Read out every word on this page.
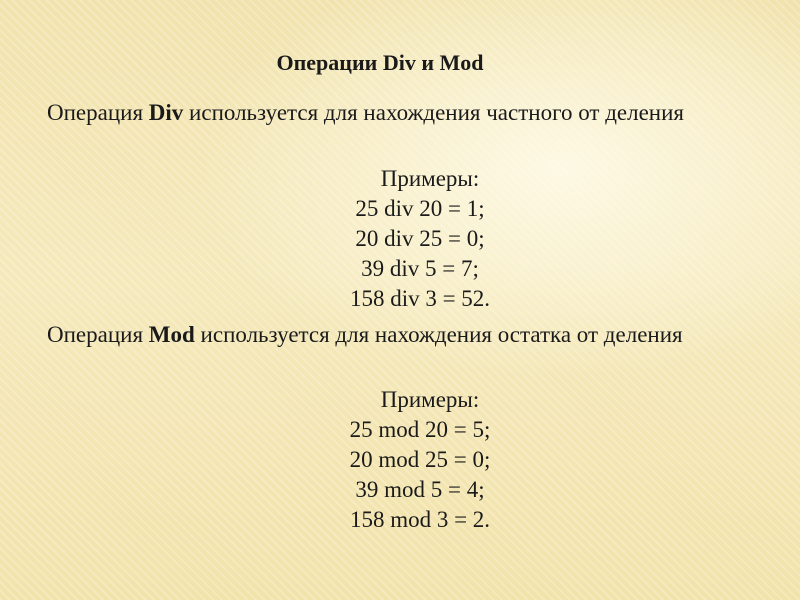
Операции Div и Mod
Операция Div используется для нахождения частного от деления
Примеры:
25 div 20 = 1;
20 div 25 = 0;
39 div 5 = 7;
158 div 3 = 52.
Операция Mod используется для нахождения остатка от деления
Примеры:
25 mod 20 = 5;
20 mod 25 = 0;
39 mod 5 = 4;
158 mod 3 = 2.
